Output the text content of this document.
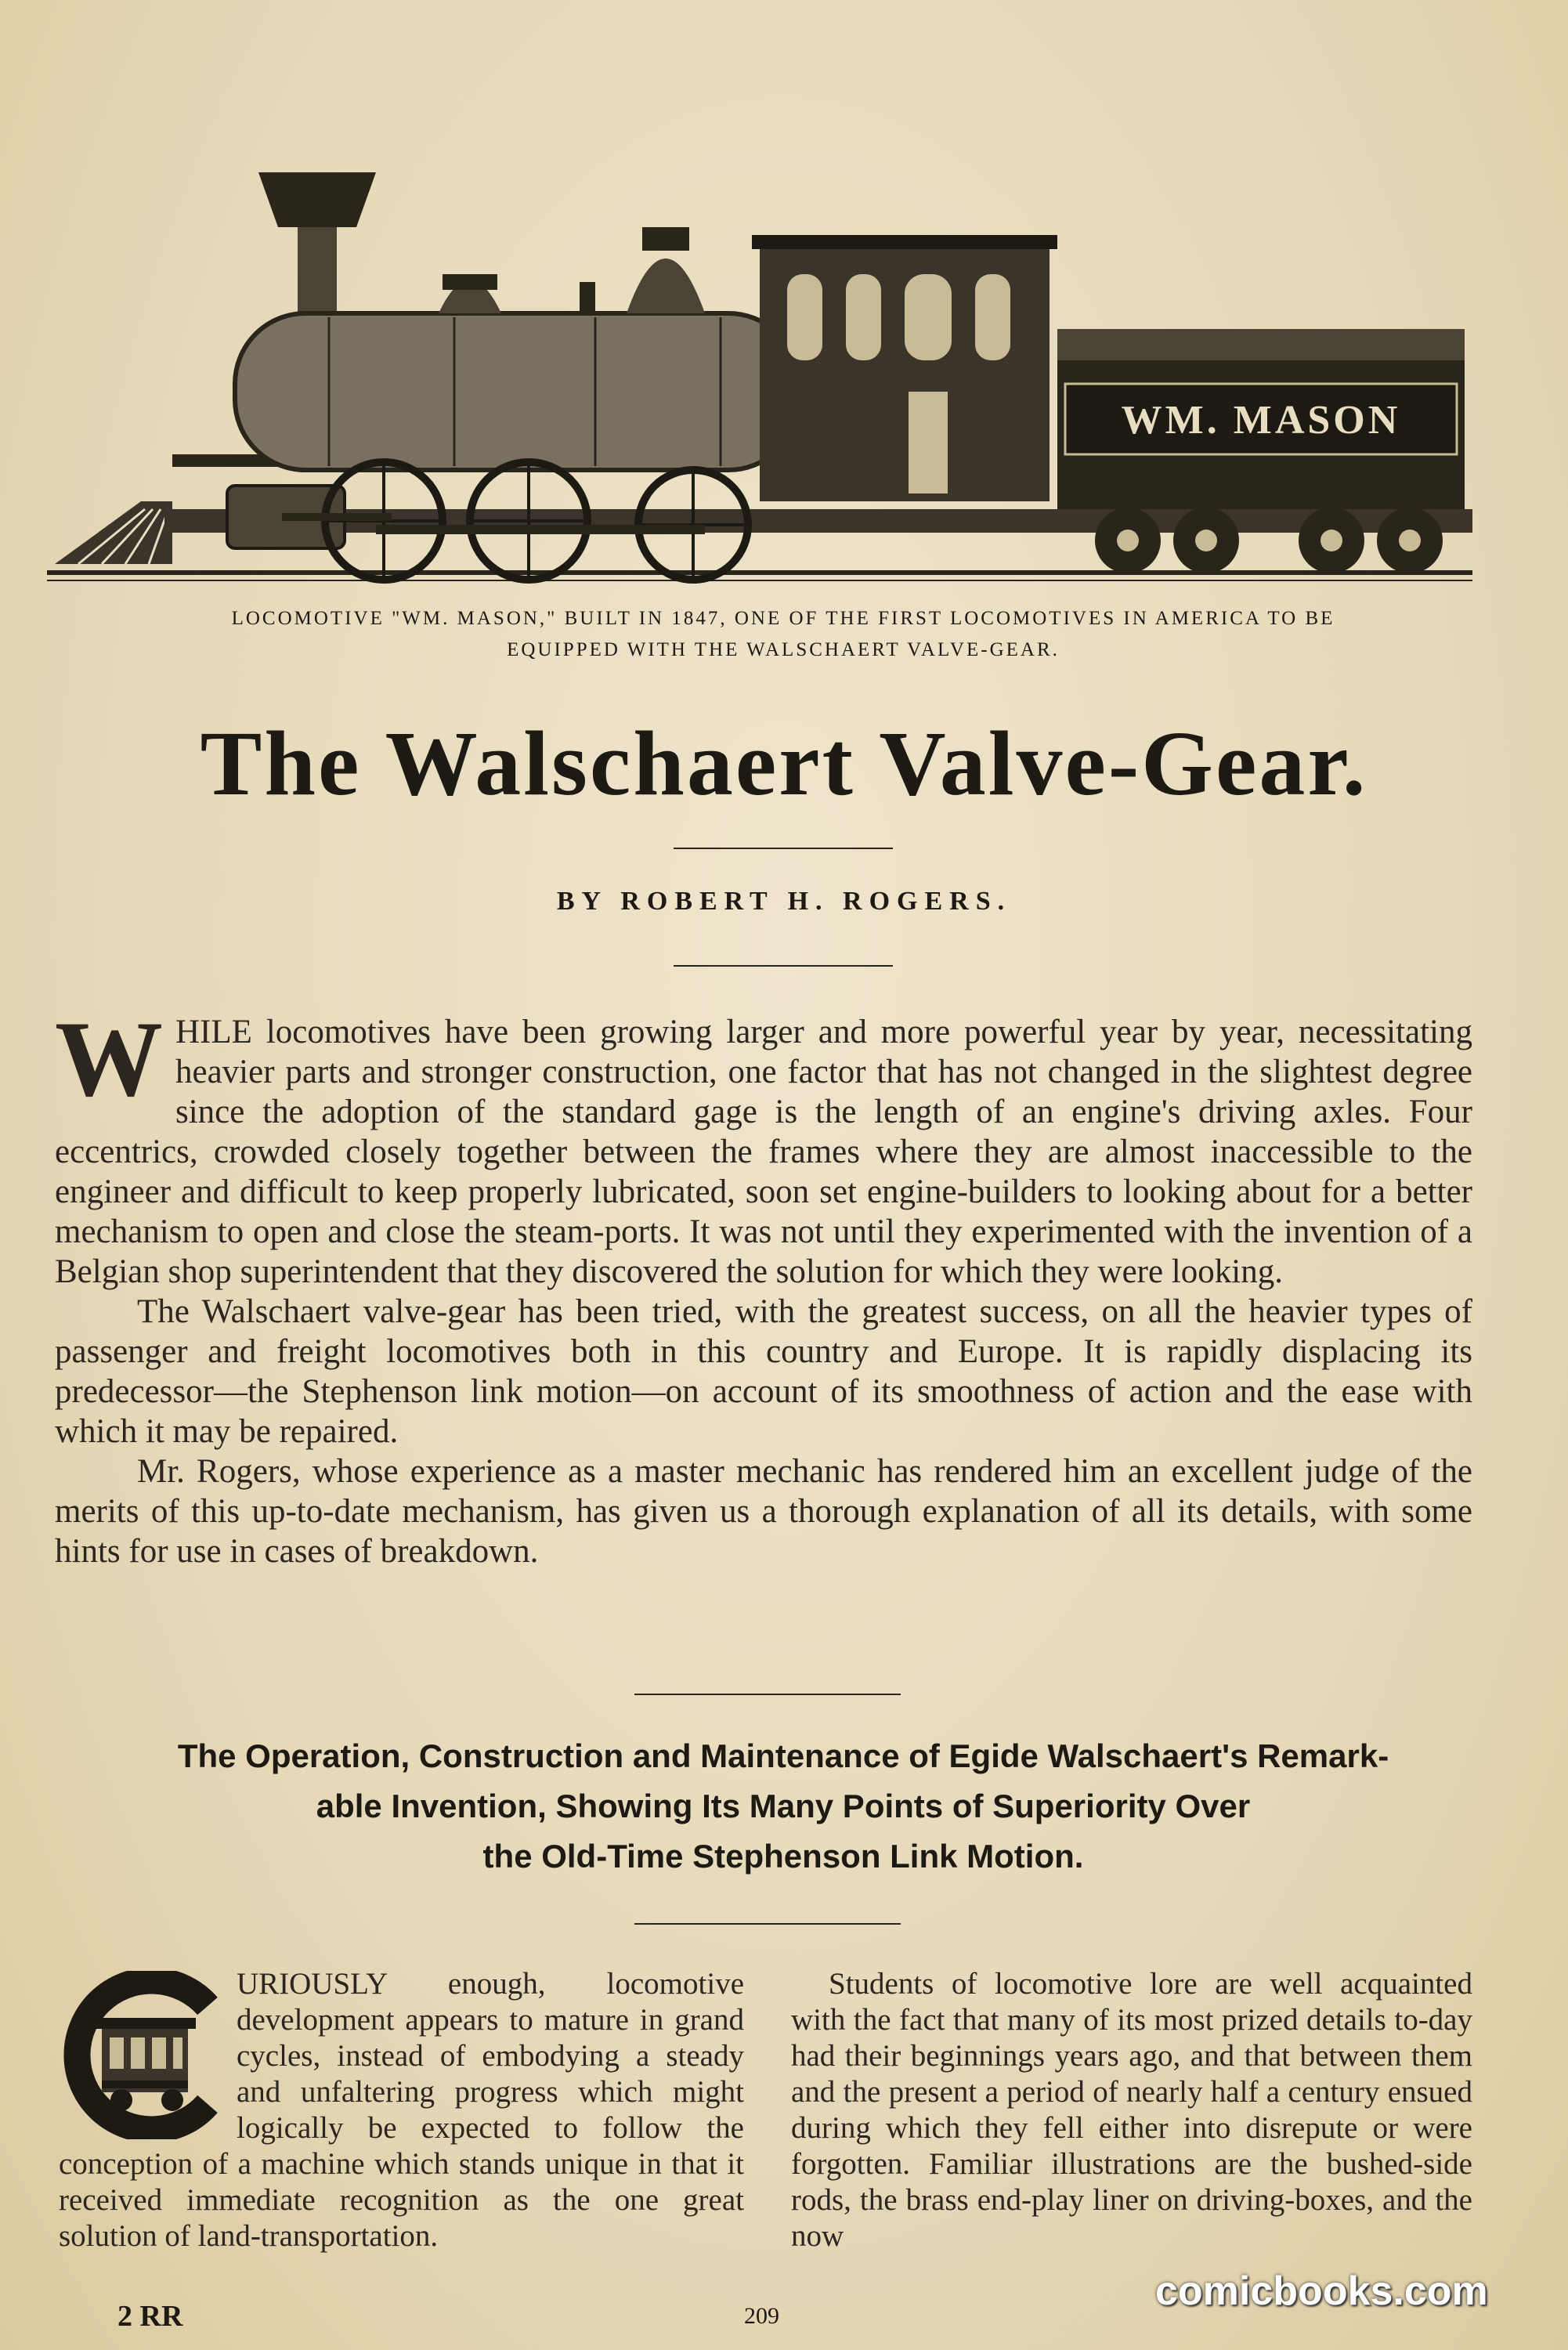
WM. MASON
LOCOMOTIVE "WM. MASON," BUILT IN 1847, ONE OF THE FIRST LOCOMOTIVES IN AMERICA TO BE
EQUIPPED WITH THE WALSCHAERT VALVE-GEAR.
The Walschaert Valve-Gear.
BY ROBERT H. ROGERS.

W HILE locomotives have been growing larger and more powerful year by year, necessitating heavier parts and stronger construction, one factor that has not changed in the slightest degree since the adoption of the standard gage is the length of an engine's driving axles. Four eccentrics, crowded closely together between the frames where they are almost inaccessible to the engineer and difficult to keep properly lubricated, soon set engine-builders to looking about for a better mechanism to open and close the steam-ports. It was not until they experimented with the invention of a Belgian shop superintendent that they discovered the solution for which they were looking.

The Walschaert valve-gear has been tried, with the greatest success, on all the heavier types of passenger and freight locomotives both in this country and Europe. It is rapidly displacing its predecessor—the Stephenson link motion—on account of its smoothness of action and the ease with which it may be repaired.

Mr. Rogers, whose experience as a master mechanic has rendered him an excellent judge of the merits of this up-to-date mechanism, has given us a thorough explanation of all its details, with some hints for use in cases of breakdown.

The Operation, Construction and Maintenance of Egide Walschaert's Remark-
able Invention, Showing Its Many Points of Superiority Over
the Old-Time Stephenson Link Motion.

URIOUSLY enough, locomotive development appears to mature in grand cycles, instead of embodying a steady and unfaltering progress which might logically be expected to follow the conception of a machine which stands unique in that it received immediate recognition as the one great solution of land-transportation.

Students of locomotive lore are well acquainted with the fact that many of its most prized details to-day had their beginnings years ago, and that between them and the present a period of nearly half a century ensued during which they fell either into disrepute or were forgotten. Familiar illustrations are the bushed-side rods, the brass end-play liner on driving-boxes, and the now

2 RR	209
comicbooks.com
